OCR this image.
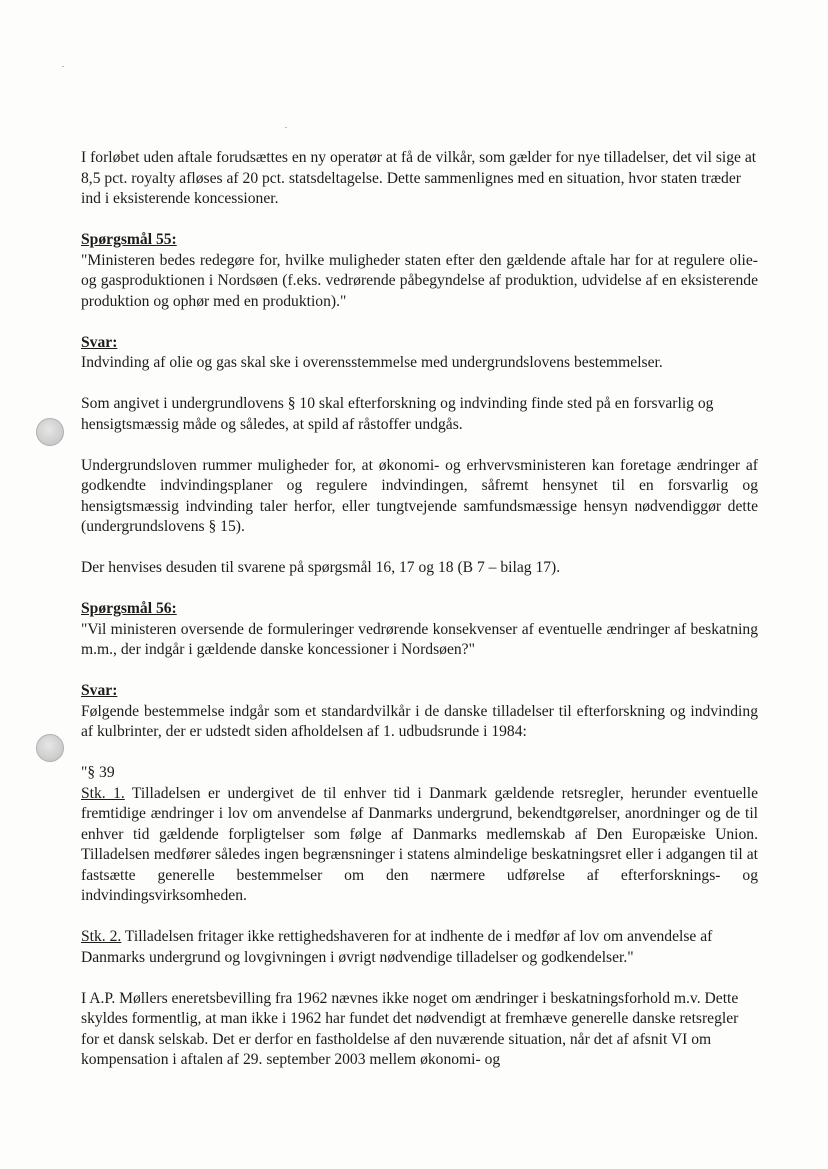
I forløbet uden aftale forudsættes en ny operatør at få de vilkår, som gælder for nye tilladelser, det vil sige at 8,5 pct. royalty afløses af 20 pct. statsdeltagelse. Dette sammenlignes med en situation, hvor staten træder ind i eksisterende koncessioner.

Spørgsmål 55:

"Ministeren bedes redegøre for, hvilke muligheder staten efter den gældende aftale har for at regulere olie- og gasproduktionen i Nordsøen (f.eks. vedrørende påbegyndelse af produktion, udvidelse af en eksisterende produktion og ophør med en produktion)."

Svar:

Indvinding af olie og gas skal ske i overensstemmelse med undergrundslovens bestemmelser.

Som angivet i undergrundlovens § 10 skal efterforskning og indvinding finde sted på en forsvarlig og hensigtsmæssig måde og således, at spild af råstoffer undgås.

Undergrundsloven rummer muligheder for, at økonomi- og erhvervsministeren kan foretage ændringer af godkendte indvindingsplaner og regulere indvindingen, såfremt hensynet til en forsvarlig og hensigtsmæssig indvinding taler herfor, eller tungtvejende samfundsmæssige hensyn nødvendiggør dette (undergrundslovens § 15).

Der henvises desuden til svarene på spørgsmål 16, 17 og 18 (B 7 – bilag 17).

Spørgsmål 56:

"Vil ministeren oversende de formuleringer vedrørende konsekvenser af eventuelle ændringer af beskatning m.m., der indgår i gældende danske koncessioner i Nordsøen?"

Svar:

Følgende bestemmelse indgår som et standardvilkår i de danske tilladelser til efterforskning og indvinding af kulbrinter, der er udstedt siden afholdelsen af 1. udbudsrunde i 1984:

"§ 39

Stk. 1. Tilladelsen er undergivet de til enhver tid i Danmark gældende retsregler, herunder eventuelle fremtidige ændringer i lov om anvendelse af Danmarks undergrund, bekendtgørelser, anordninger og de til enhver tid gældende forpligtelser som følge af Danmarks medlemskab af Den Europæiske Union. Tilladelsen medfører således ingen begrænsninger i statens almindelige beskatningsret eller i adgangen til at fastsætte generelle bestemmelser om den nærmere udførelse af efterforsknings- og indvindingsvirksomheden.

Stk. 2. Tilladelsen fritager ikke rettighedshaveren for at indhente de i medfør af lov om anvendelse af Danmarks undergrund og lovgivningen i øvrigt nødvendige tilladelser og godkendelser."

I A.P. Møllers eneretsbevilling fra 1962 nævnes ikke noget om ændringer i beskatningsforhold m.v. Dette skyldes formentlig, at man ikke i 1962 har fundet det nødvendigt at fremhæve generelle danske retsregler for et dansk selskab. Det er derfor en fastholdelse af den nuværende situation, når det af afsnit VI om kompensation i aftalen af 29. september 2003 mellem økonomi- og
